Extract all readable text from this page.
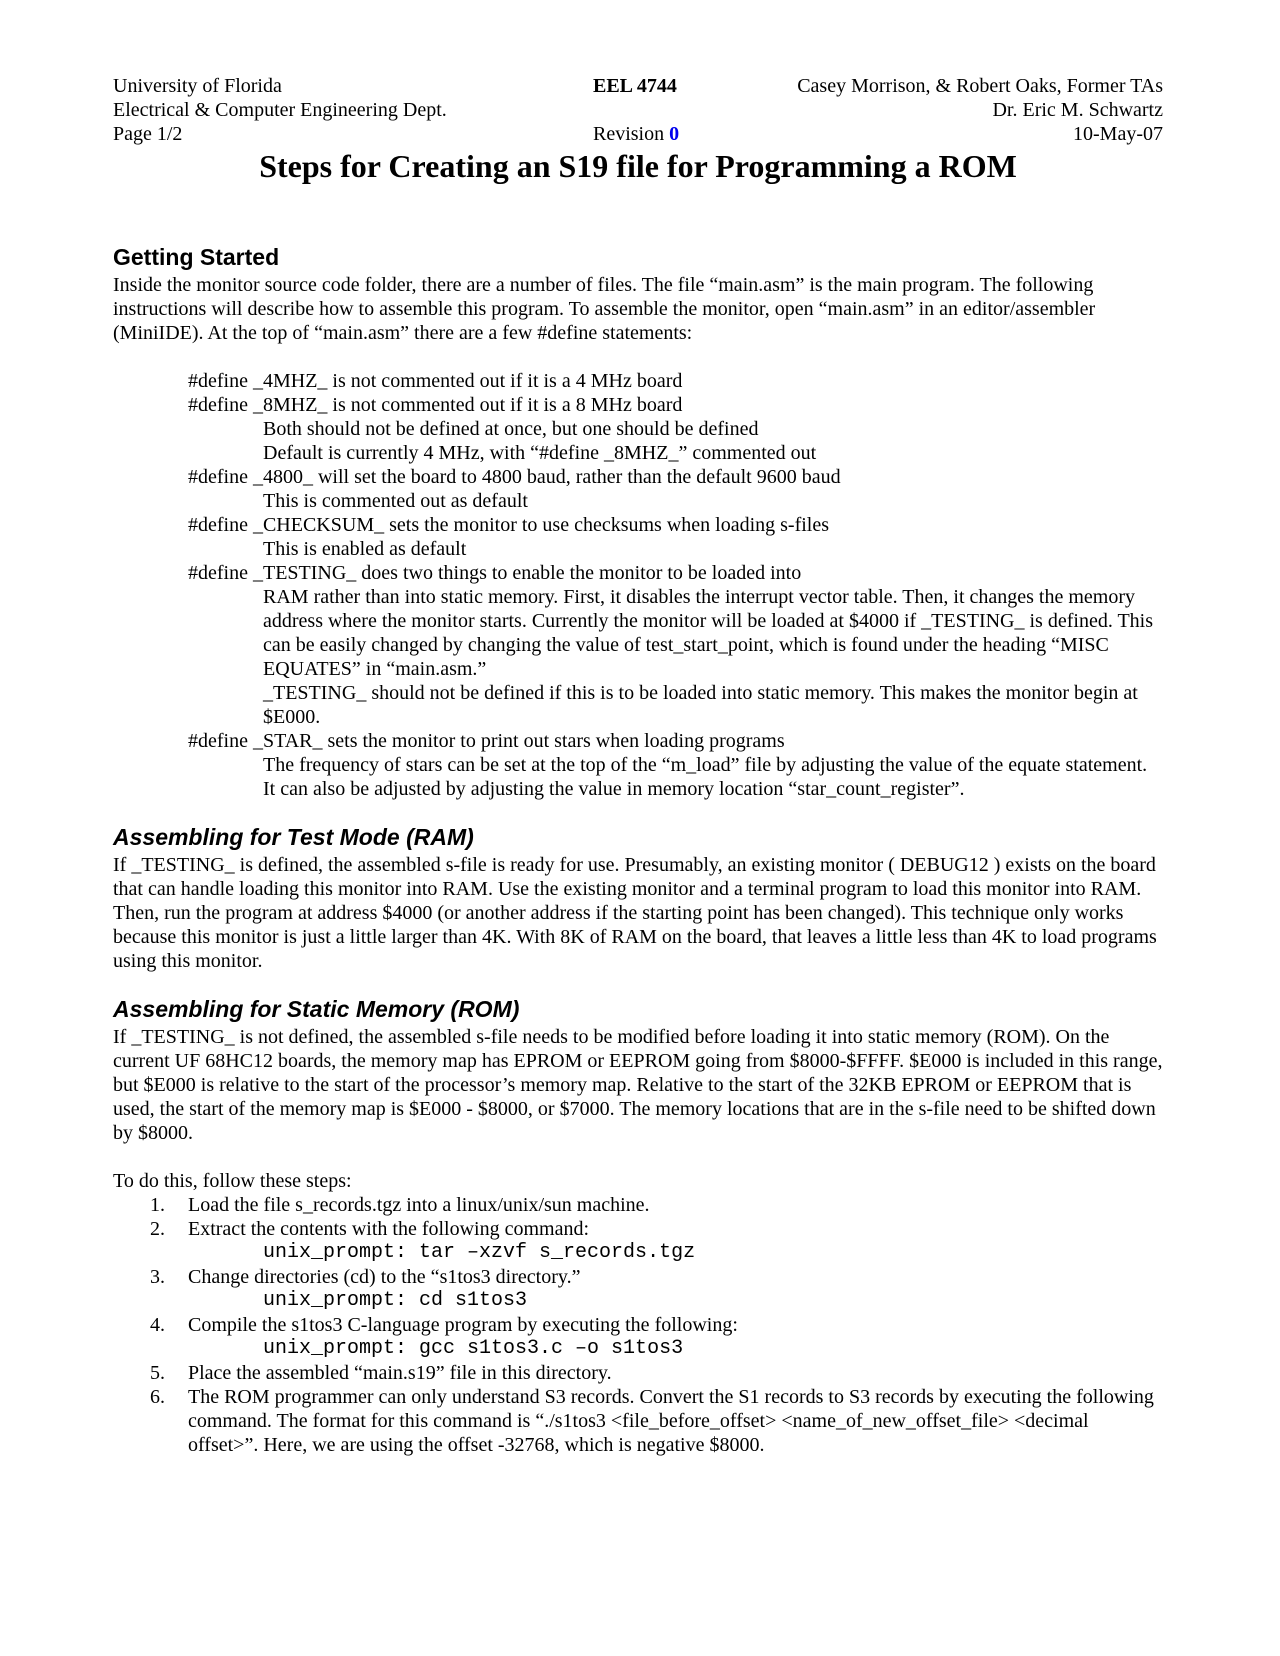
University of Florida	EEL 4744	Casey Morrison, & Robert Oaks, Former TAs
Electrical & Computer Engineering Dept.	Dr. Eric M. Schwartz
Page 1/2	Revision 0	10-May-07
Steps for Creating an S19 file for Programming a ROM
Getting Started

Inside the monitor source code folder, there are a number of files. The file “main.asm” is the main program. The following instructions will describe how to assemble this program. To assemble the monitor, open “main.asm” in an editor/assembler (MiniIDE). At the top of “main.asm” there are a few #define statements:

#define _4MHZ_ is not commented out if it is a 4 MHz board

#define _8MHZ_ is not commented out if it is a 8 MHz board

Both should not be defined at once, but one should be defined

Default is currently 4 MHz, with “#define _8MHZ_” commented out

#define _4800_ will set the board to 4800 baud, rather than the default 9600 baud

This is commented out as default

#define _CHECKSUM_ sets the monitor to use checksums when loading s-files

This is enabled as default

#define _TESTING_ does two things to enable the monitor to be loaded into

RAM rather than into static memory. First, it disables the interrupt vector table. Then, it changes the memory address where the monitor starts. Currently the monitor will be loaded at $4000 if _TESTING_ is defined. This can be easily changed by changing the value of test_start_point, which is found under the heading “MISC EQUATES” in “main.asm.”

_TESTING_ should not be defined if this is to be loaded into static memory. This makes the monitor begin at $E000.

#define _STAR_ sets the monitor to print out stars when loading programs

The frequency of stars can be set at the top of the “m_load” file by adjusting the value of the equate statement. It can also be adjusted by adjusting the value in memory location “star_count_register”.

Assembling for Test Mode (RAM)

If _TESTING_ is defined, the assembled s-file is ready for use. Presumably, an existing monitor ( DEBUG12 ) exists on the board that can handle loading this monitor into RAM. Use the existing monitor and a terminal program to load this monitor into RAM. Then, run the program at address $4000 (or another address if the starting point has been changed). This technique only works because this monitor is just a little larger than 4K. With 8K of RAM on the board, that leaves a little less than 4K to load programs using this monitor.

Assembling for Static Memory (ROM)

If _TESTING_ is not defined, the assembled s-file needs to be modified before loading it into static memory (ROM). On the current UF 68HC12 boards, the memory map has EPROM or EEPROM going from $8000-$FFFF. $E000 is included in this range, but $E000 is relative to the start of the processor’s memory map. Relative to the start of the 32KB EPROM or EEPROM that is used, the start of the memory map is $E000 - $8000, or $7000. The memory locations that are in the s-file need to be shifted down by $8000.

To do this, follow these steps:

1. Load the file s_records.tgz into a linux/unix/sun machine.
2. Extract the contents with the following command:
unix_prompt: tar –xzvf s_records.tgz
3. Change directories (cd) to the “s1tos3 directory.”
unix_prompt: cd s1tos3
4. Compile the s1tos3 C-language program by executing the following:
unix_prompt: gcc s1tos3.c –o s1tos3
5. Place the assembled “main.s19” file in this directory.
6. The ROM programmer can only understand S3 records. Convert the S1 records to S3 records by executing the following command. The format for this command is “./s1tos3 <file_before_offset> <name_of_new_offset_file> <decimal offset>”. Here, we are using the offset -32768, which is negative $8000.
